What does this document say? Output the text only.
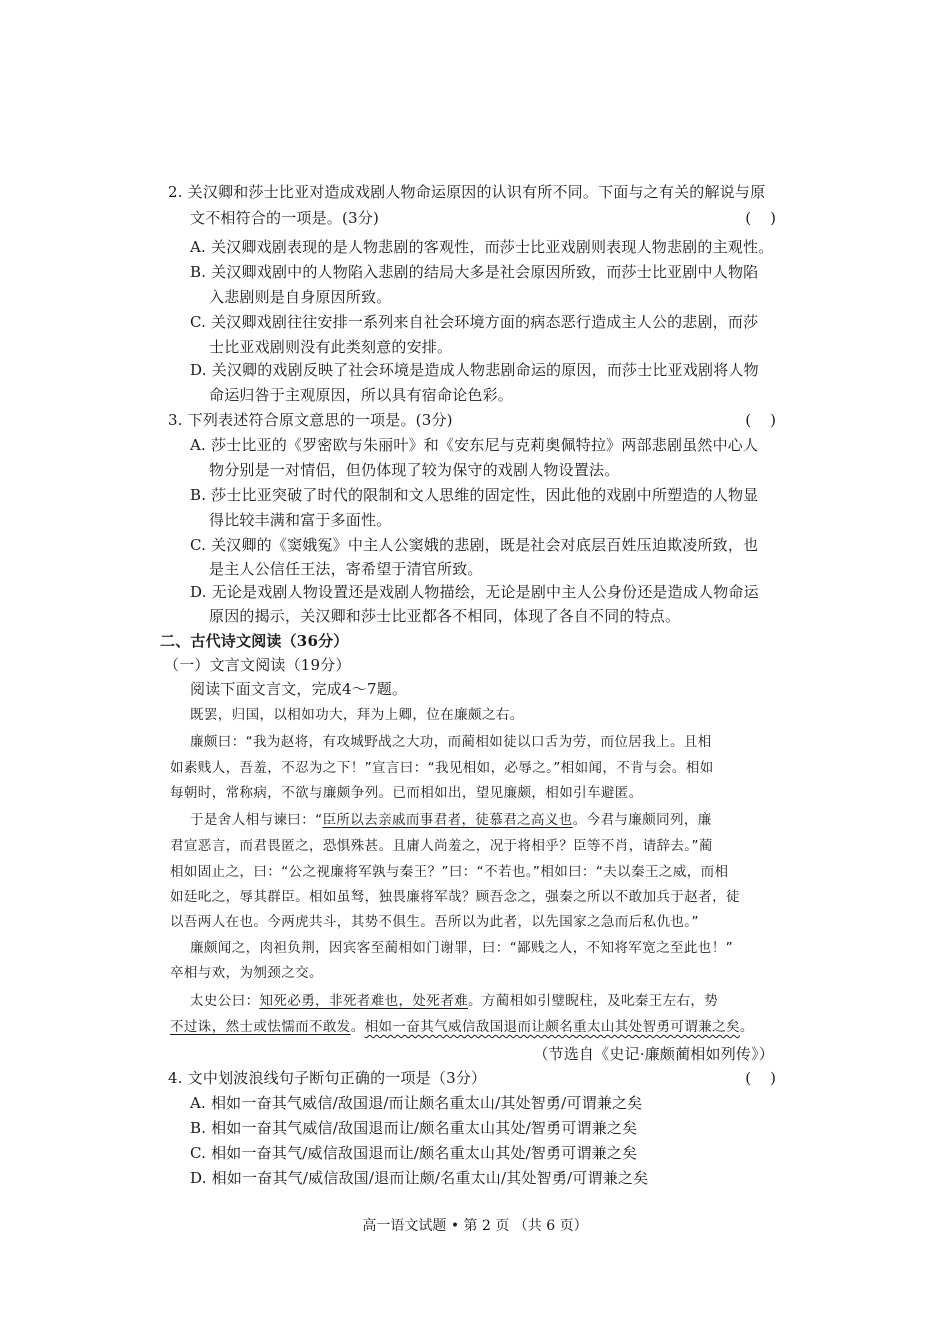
2. 关汉卿和莎士比亚对造成戏剧人物命运原因的认识有所不同。下面与之有关的解说与原
文不相符合的一项是。(3分)	(    )
A. 关汉卿戏剧表现的是人物悲剧的客观性，而莎士比亚戏剧则表现人物悲剧的主观性。
B. 关汉卿戏剧中的人物陷入悲剧的结局大多是社会原因所致，而莎士比亚剧中人物陷
入悲剧则是自身原因所致。
C. 关汉卿戏剧往往安排一系列来自社会环境方面的病态恶行造成主人公的悲剧，而莎
士比亚戏剧则没有此类刻意的安排。
D. 关汉卿的戏剧反映了社会环境是造成人物悲剧命运的原因，而莎士比亚戏剧将人物
命运归咎于主观原因，所以具有宿命论色彩。
3. 下列表述符合原文意思的一项是。(3分)	(    )
A. 莎士比亚的《罗密欧与朱丽叶》和《安东尼与克莉奥佩特拉》两部悲剧虽然中心人
物分别是一对情侣，但仍体现了较为保守的戏剧人物设置法。
B. 莎士比亚突破了时代的限制和文人思维的固定性，因此他的戏剧中所塑造的人物显
得比较丰满和富于多面性。
C. 关汉卿的《窦娥冤》中主人公窦娥的悲剧，既是社会对底层百姓压迫欺凌所致，也
是主人公信任王法，寄希望于清官所致。
D. 无论是戏剧人物设置还是戏剧人物描绘，无论是剧中主人公身份还是造成人物命运
原因的揭示，关汉卿和莎士比亚都各不相同，体现了各自不同的特点。
二、古代诗文阅读（36分）
（一）文言文阅读（19分）
阅读下面文言文，完成4～7题。
既罢，归国，以相如功大，拜为上卿，位在廉颇之右。
廉颇曰：“我为赵将，有攻城野战之大功，而蔺相如徒以口舌为劳，而位居我上。且相
如素贱人，吾羞，不忍为之下！”宣言曰：“我见相如，必辱之。”相如闻，不肯与会。相如
每朝时，常称病，不欲与廉颇争列。已而相如出，望见廉颇，相如引车避匿。
于是舍人相与谏曰：“臣所以去亲戚而事君者，徒慕君之高义也。今君与廉颇同列，廉
君宣恶言，而君畏匿之，恐惧殊甚。且庸人尚羞之，况于将相乎？臣等不肖，请辞去。”蔺
相如固止之，曰：“公之视廉将军孰与秦王？”曰：“不若也。”相如曰：“夫以秦王之威，而相
如廷叱之，辱其群臣。相如虽驽，独畏廉将军哉？顾吾念之，强秦之所以不敢加兵于赵者，徒
以吾两人在也。今两虎共斗，其势不俱生。吾所以为此者，以先国家之急而后私仇也。”
廉颇闻之，肉袒负荆，因宾客至蔺相如门谢罪，曰：“鄙贱之人，不知将军宽之至此也！”
卒相与欢，为刎颈之交。
太史公曰：知死必勇，非死者难也，处死者难。方蔺相如引璧睨柱，及叱秦王左右，势
不过诛，然士或怯懦而不敢发。相如一奋其气威信敌国退而让颇名重太山其处智勇可谓兼之矣。
（节选自《史记·廉颇蔺相如列传》）
4. 文中划波浪线句子断句正确的一项是（3分）	(    )
A. 相如一奋其气威信/敌国退/而让颇名重太山/其处智勇/可谓兼之矣
B. 相如一奋其气威信/敌国退而让/颇名重太山其处/智勇可谓兼之矣
C. 相如一奋其气/威信敌国退而让/颇名重太山其处/智勇可谓兼之矣
D. 相如一奋其气/威信敌国/退而让颇/名重太山/其处智勇/可谓兼之矣
高一语文试题 • 第 2 页 （共 6 页）
